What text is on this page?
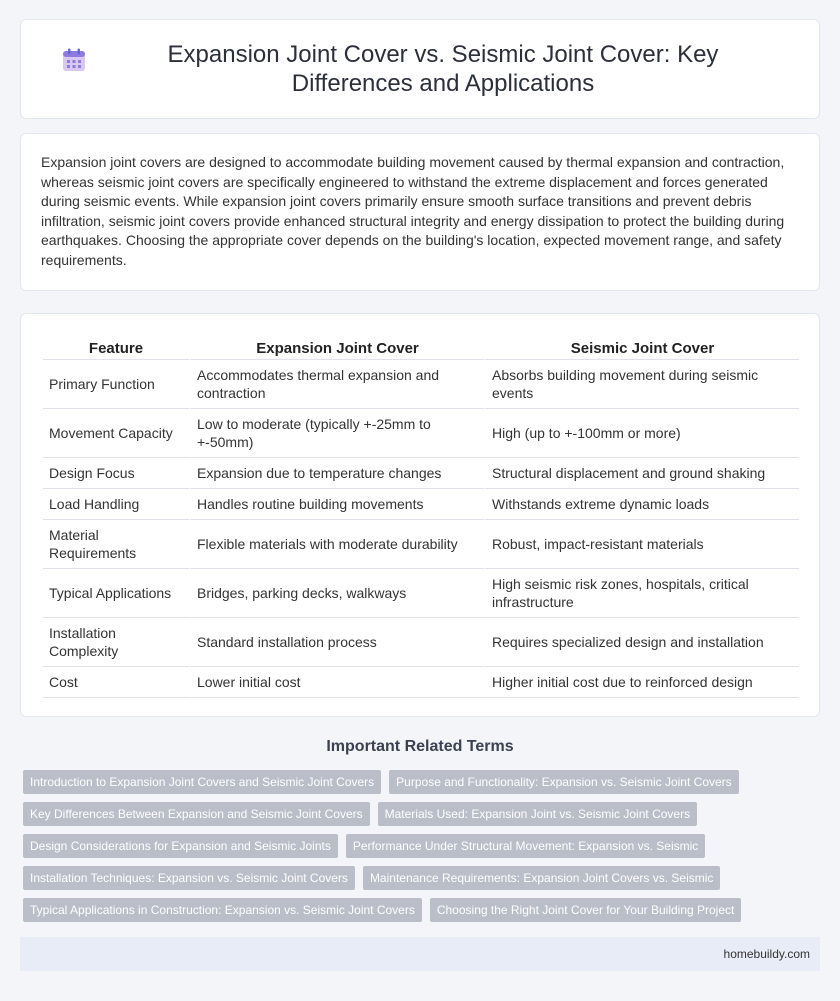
Expansion Joint Cover vs. Seismic Joint Cover: Key Differences and Applications

Expansion joint covers are designed to accommodate building movement caused by thermal expansion and contraction, whereas seismic joint covers are specifically engineered to withstand the extreme displacement and forces generated during seismic events. While expansion joint covers primarily ensure smooth surface transitions and prevent debris infiltration, seismic joint covers provide enhanced structural integrity and energy dissipation to protect the building during earthquakes. Choosing the appropriate cover depends on the building's location, expected movement range, and safety requirements.

Feature	Expansion Joint Cover	Seismic Joint Cover
Primary Function	Accommodates thermal expansion and contraction	Absorbs building movement during seismic events
Movement Capacity	Low to moderate (typically +-25mm to +-50mm)	High (up to +-100mm or more)
Design Focus	Expansion due to temperature changes	Structural displacement and ground shaking
Load Handling	Handles routine building movements	Withstands extreme dynamic loads
Material Requirements	Flexible materials with moderate durability	Robust, impact-resistant materials
Typical Applications	Bridges, parking decks, walkways	High seismic risk zones, hospitals, critical infrastructure
Installation Complexity	Standard installation process	Requires specialized design and installation
Cost	Lower initial cost	Higher initial cost due to reinforced design
Important Related Terms
Introduction to Expansion Joint Covers and Seismic Joint Covers	Purpose and Functionality: Expansion vs. Seismic Joint Covers
Key Differences Between Expansion and Seismic Joint Covers	Materials Used: Expansion Joint vs. Seismic Joint Covers
Design Considerations for Expansion and Seismic Joints	Performance Under Structural Movement: Expansion vs. Seismic
Installation Techniques: Expansion vs. Seismic Joint Covers	Maintenance Requirements: Expansion Joint Covers vs. Seismic
Typical Applications in Construction: Expansion vs. Seismic Joint Covers	Choosing the Right Joint Cover for Your Building Project
homebuildy.com
